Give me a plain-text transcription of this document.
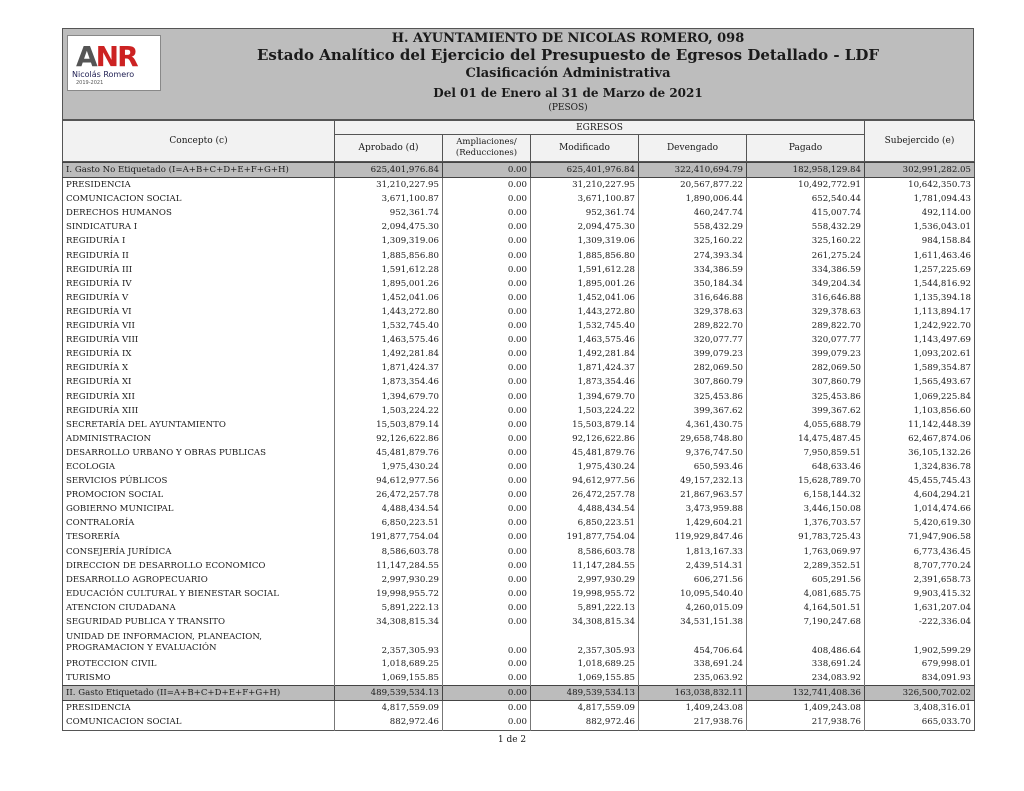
ANR
Nicolás Romero
2019-2021
H. AYUNTAMIENTO DE NICOLAS ROMERO, 098
Estado Analítico del Ejercicio del Presupuesto de Egresos Detallado - LDF
Clasificación Administrativa
Del 01 de Enero al 31 de Marzo de 2021
(PESOS)
Concepto (c)	EGRESOS					Subejercido (e)
	Aprobado (d)	Ampliaciones/ (Reducciones)	Modificado	Devengado	Pagado	
I. Gasto No Etiquetado (I=A+B+C+D+E+F+G+H)	625,401,976.84	0.00	625,401,976.84	322,410,694.79	182,958,129.84	302,991,282.05
PRESIDENCIA	31,210,227.95	0.00	31,210,227.95	20,567,877.22	10,492,772.91	10,642,350.73
COMUNICACION SOCIAL	3,671,100.87	0.00	3,671,100.87	1,890,006.44	652,540.44	1,781,094.43
DERECHOS HUMANOS	952,361.74	0.00	952,361.74	460,247.74	415,007.74	492,114.00
SINDICATURA I	2,094,475.30	0.00	2,094,475.30	558,432.29	558,432.29	1,536,043.01
REGIDURÍA I	1,309,319.06	0.00	1,309,319.06	325,160.22	325,160.22	984,158.84
REGIDURÍA II	1,885,856.80	0.00	1,885,856.80	274,393.34	261,275.24	1,611,463.46
REGIDURÍA III	1,591,612.28	0.00	1,591,612.28	334,386.59	334,386.59	1,257,225.69
REGIDURÍA IV	1,895,001.26	0.00	1,895,001.26	350,184.34	349,204.34	1,544,816.92
REGIDURÍA V	1,452,041.06	0.00	1,452,041.06	316,646.88	316,646.88	1,135,394.18
REGIDURÍA VI	1,443,272.80	0.00	1,443,272.80	329,378.63	329,378.63	1,113,894.17
REGIDURÍA VII	1,532,745.40	0.00	1,532,745.40	289,822.70	289,822.70	1,242,922.70
REGIDURÍA VIII	1,463,575.46	0.00	1,463,575.46	320,077.77	320,077.77	1,143,497.69
REGIDURÍA IX	1,492,281.84	0.00	1,492,281.84	399,079.23	399,079.23	1,093,202.61
REGIDURÍA X	1,871,424.37	0.00	1,871,424.37	282,069.50	282,069.50	1,589,354.87
REGIDURÍA XI	1,873,354.46	0.00	1,873,354.46	307,860.79	307,860.79	1,565,493.67
REGIDURÍA XII	1,394,679.70	0.00	1,394,679.70	325,453.86	325,453.86	1,069,225.84
REGIDURÍA XIII	1,503,224.22	0.00	1,503,224.22	399,367.62	399,367.62	1,103,856.60
SECRETARÍA DEL AYUNTAMIENTO	15,503,879.14	0.00	15,503,879.14	4,361,430.75	4,055,688.79	11,142,448.39
ADMINISTRACION	92,126,622.86	0.00	92,126,622.86	29,658,748.80	14,475,487.45	62,467,874.06
DESARROLLO URBANO Y OBRAS PUBLICAS	45,481,879.76	0.00	45,481,879.76	9,376,747.50	7,950,859.51	36,105,132.26
ECOLOGIA	1,975,430.24	0.00	1,975,430.24	650,593.46	648,633.46	1,324,836.78
SERVICIOS PÚBLICOS	94,612,977.56	0.00	94,612,977.56	49,157,232.13	15,628,789.70	45,455,745.43
PROMOCION SOCIAL	26,472,257.78	0.00	26,472,257.78	21,867,963.57	6,158,144.32	4,604,294.21
GOBIERNO MUNICIPAL	4,488,434.54	0.00	4,488,434.54	3,473,959.88	3,446,150.08	1,014,474.66
CONTRALORÍA	6,850,223.51	0.00	6,850,223.51	1,429,604.21	1,376,703.57	5,420,619.30
TESORERÍA	191,877,754.04	0.00	191,877,754.04	119,929,847.46	91,783,725.43	71,947,906.58
CONSEJERÍA JURÍDICA	8,586,603.78	0.00	8,586,603.78	1,813,167.33	1,763,069.97	6,773,436.45
DIRECCION DE DESARROLLO ECONOMICO	11,147,284.55	0.00	11,147,284.55	2,439,514.31	2,289,352.51	8,707,770.24
DESARROLLO AGROPECUARIO	2,997,930.29	0.00	2,997,930.29	606,271.56	605,291.56	2,391,658.73
EDUCACIÓN CULTURAL Y BIENESTAR SOCIAL	19,998,955.72	0.00	19,998,955.72	10,095,540.40	4,081,685.75	9,903,415.32
ATENCION CIUDADANA	5,891,222.13	0.00	5,891,222.13	4,260,015.09	4,164,501.51	1,631,207.04
SEGURIDAD PUBLICA Y TRANSITO	34,308,815.34	0.00	34,308,815.34	34,531,151.38	7,190,247.68	-222,336.04
UNIDAD DE INFORMACION, PLANEACION, PROGRAMACION Y EVALUACIÓN	2,357,305.93	0.00	2,357,305.93	454,706.64	408,486.64	1,902,599.29
PROTECCION CIVIL	1,018,689.25	0.00	1,018,689.25	338,691.24	338,691.24	679,998.01
TURISMO	1,069,155.85	0.00	1,069,155.85	235,063.92	234,083.92	834,091.93
II. Gasto Etiquetado (II=A+B+C+D+E+F+G+H)	489,539,534.13	0.00	489,539,534.13	163,038,832.11	132,741,408.36	326,500,702.02
PRESIDENCIA	4,817,559.09	0.00	4,817,559.09	1,409,243.08	1,409,243.08	3,408,316.01
COMUNICACION SOCIAL	882,972.46	0.00	882,972.46	217,938.76	217,938.76	665,033.70
1 de 2
